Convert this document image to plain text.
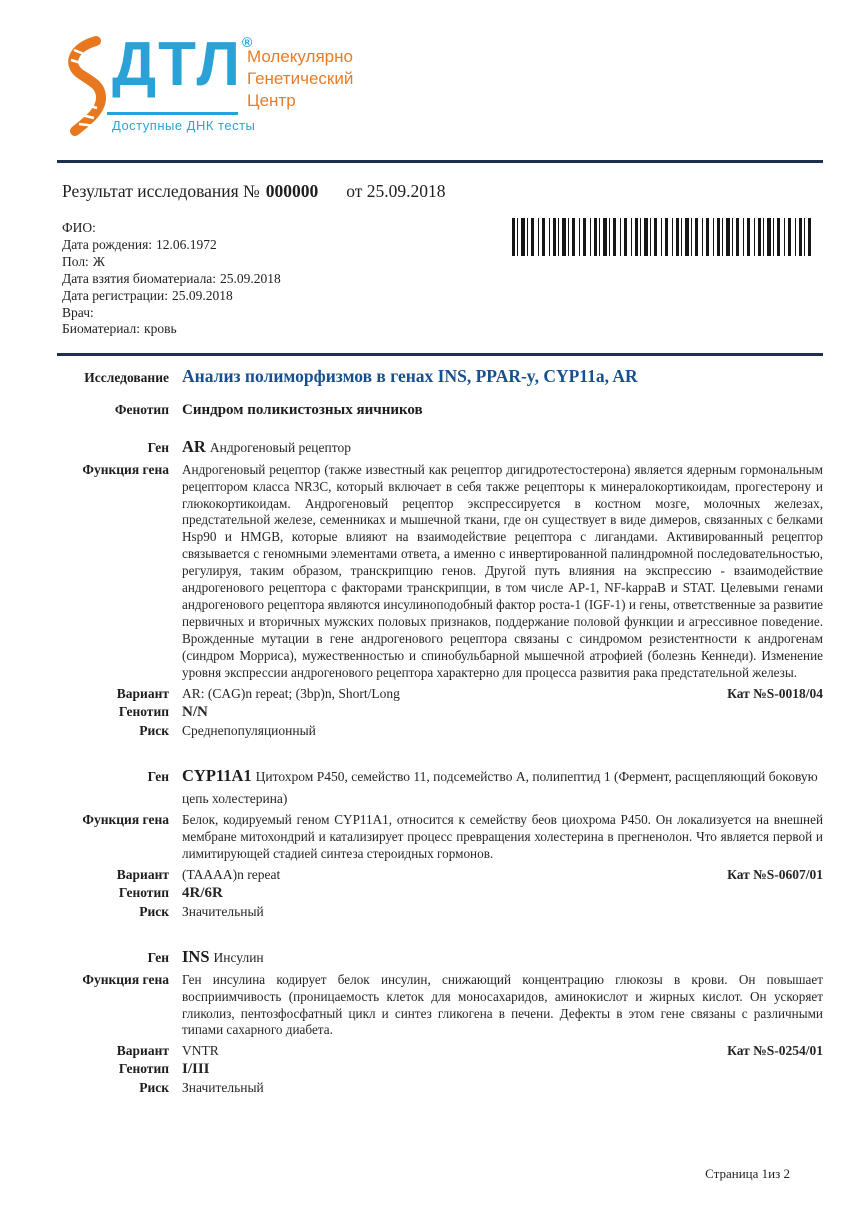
ДТЛ®
Молекулярно
Генетический
Центр
Доступные ДНК тесты
Результат исследования № 000000 от 25.09.2018
ФИО:
Дата рождения: 12.06.1972
Пол: Ж
Дата взятия биоматериала: 25.09.2018
Дата регистрации: 25.09.2018
Врач:
Биоматериал: кровь
Исследование Анализ полиморфизмов в генах INS, PPAR-y, CYP11a, AR
Фенотип Синдром поликистозных яичников
Ген AR Андрогеновый рецептор
Функция гена Андрогеновый рецептор (также известный как рецептор дигидротестостерона) является ядерным гормональным рецептором класса NR3C, который включает в себя также рецепторы к минералокортикоидам, прогестерону и глюкокортикоидам. Андрогеновый рецептор экспрессируется в костном мозге, молочных железах, предстательной железе, семенниках и мышечной ткани, где он существует в виде димеров, связанных с белками Hsp90 и HMGB, которые влияют на взаимодействие рецептора с лигандами. Активированный рецептор связывается с геномными элементами ответа, а именно с инвертированной палиндромной последовательностью, регулируя, таким образом, транскрипцию генов. Другой путь влияния на экспрессию - взаимодействие андрогенового рецептора с факторами транскрипции, в том числе AP-1, NF-kappaB и STAT. Целевыми генами андрогенового рецептора являются инсулиноподобный фактор роста-1 (IGF-1) и гены, ответственные за развитие первичных и вторичных мужских половых признаков, поддержание половой функции и агрессивное поведение. Врожденные мутации в гене андрогенового рецептора связаны с синдромом резистентности к андрогенам (синдром Морриса), мужественностью и спинобульбарной мышечной атрофией (болезнь Кеннеди). Изменение уровня экспрессии андрогенового рецептора характерно для процесса развития рака предстательной железы.
Вариант AR: (CAG)n repeat; (3bp)n, Short/Long	Кат №S-0018/04
Генотип N/N
Риск Среднепопуляционный
Ген CYP11A1 Цитохром P450, семейство 11, подсемейство A, полипептид 1 (Фермент, расщепляющий боковую цепь холестерина)
Функция гена Белок, кодируемый геном CYP11A1, относится к семейству беов циохрома P450. Он локализуется на внешней мембране митохондрий и катализирует процесс превращения холестерина в прегненолон. Что является первой и лимитирующей стадией синтеза стероидных гормонов.
Вариант (TAAAA)n repeat	Кат №S-0607/01
Генотип 4R/6R
Риск Значительный
Ген INS Инсулин
Функция гена Ген инсулина кодирует белок инсулин, снижающий концентрацию глюкозы в крови. Он повышает восприимчивость (проницаемость клеток для моносахаридов, аминокислот и жирных кислот. Он ускоряет гликолиз, пентозфосфатный цикл и синтез гликогена в печени. Дефекты в этом гене связаны с различными типами сахарного диабета.
Вариант VNTR	Кат №S-0254/01
Генотип I/III
Риск Значительный
Страница 1из 2
